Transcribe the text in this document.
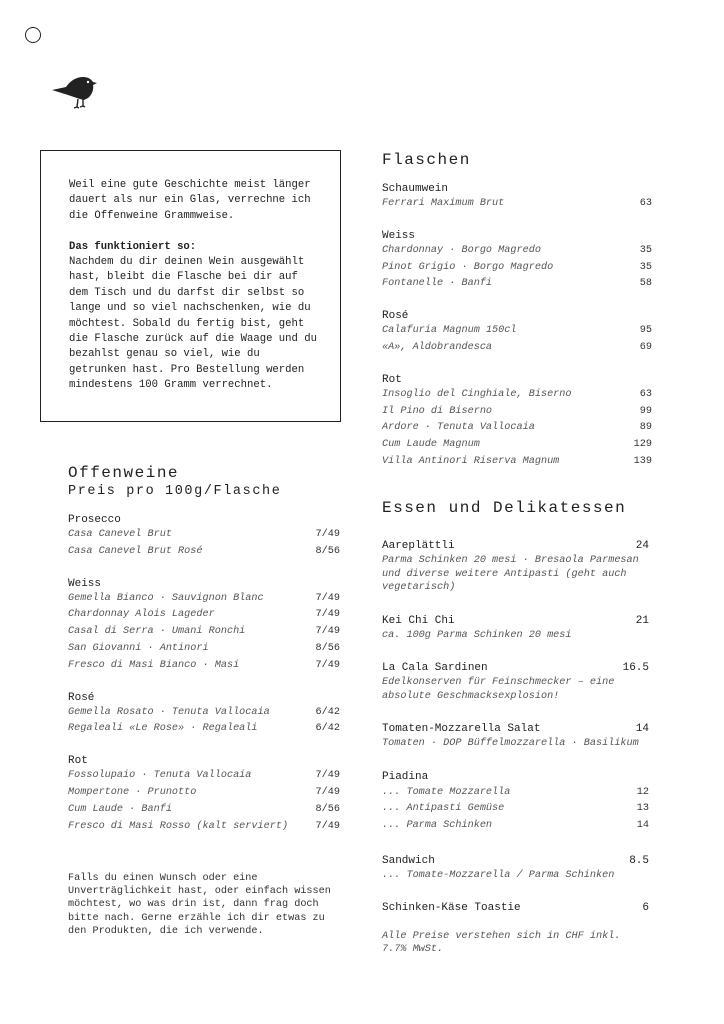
Weil eine gute Geschichte meist länger dauert als nur ein Glas, verrechne ich die Offenweine Grammweise.

Das funktioniert so:
Nachdem du dir deinen Wein ausgewählt hast, bleibt die Flasche bei dir auf dem Tisch und du darfst dir selbst so lange und so viel nachschenken, wie du möchtest. Sobald du fertig bist, geht die Flasche zurück auf die Waage und du bezahlst genau so viel, wie du getrunken hast. Pro Bestellung werden mindestens 100 Gramm verrechnet.

Offenweine
Preis pro 100g/Flasche
Prosecco
Casa Canevel Brut	7/49
Casa Canevel Brut Rosé	8/56
Weiss
Gemella Bianco · Sauvignon Blanc	7/49
Chardonnay Alois Lageder	7/49
Casal di Serra · Umani Ronchi	7/49
San Giovanni · Antinori	8/56
Fresco di Masi Bianco · Masi	7/49
Rosé
Gemella Rosato · Tenuta Vallocaia	6/42
Regaleali «Le Rose» · Regaleali	6/42
Rot
Fossolupaio · Tenuta Vallocaia	7/49
Mompertone · Prunotto	7/49
Cum Laude · Banfi	8/56
Fresco di Masi Rosso (kalt serviert)	7/49
Falls du einen Wunsch oder eine Unverträglichkeit hast, oder einfach wissen möchtest, wo was drin ist, dann frag doch bitte nach. Gerne erzähle ich dir etwas zu den Produkten, die ich verwende.
Flaschen
Schaumwein
Ferrari Maximum Brut	63
Weiss
Chardonnay · Borgo Magredo	35
Pinot Grigio · Borgo Magredo	35
Fontanelle · Banfi	58
Rosé
Calafuria Magnum 150cl	95
«A», Aldobrandesca	69
Rot
Insoglio del Cinghiale, Biserno	63
Il Pino di Biserno	99
Ardore · Tenuta Vallocaia	89
Cum Laude Magnum	129
Villa Antinori Riserva Magnum	139
Essen und Delikatessen
Aareplättli	24
Parma Schinken 20 mesi · Bresaola Parmesan und diverse weitere Antipasti (geht auch vegetarisch)
Kei Chi Chi	21
ca. 100g Parma Schinken 20 mesi
La Cala Sardinen	16.5
Edelkonserven für Feinschmecker – eine absolute Geschmacksexplosion!
Tomaten-Mozzarella Salat	14
Tomaten · DOP Büffelmozzarella · Basilikum
Piadina
... Tomate Mozzarella	12
... Antipasti Gemüse	13
... Parma Schinken	14
Sandwich	8.5
... Tomate-Mozzarella / Parma Schinken
Schinken-Käse Toastie	6
Alle Preise verstehen sich in CHF inkl. 7.7% MwSt.
